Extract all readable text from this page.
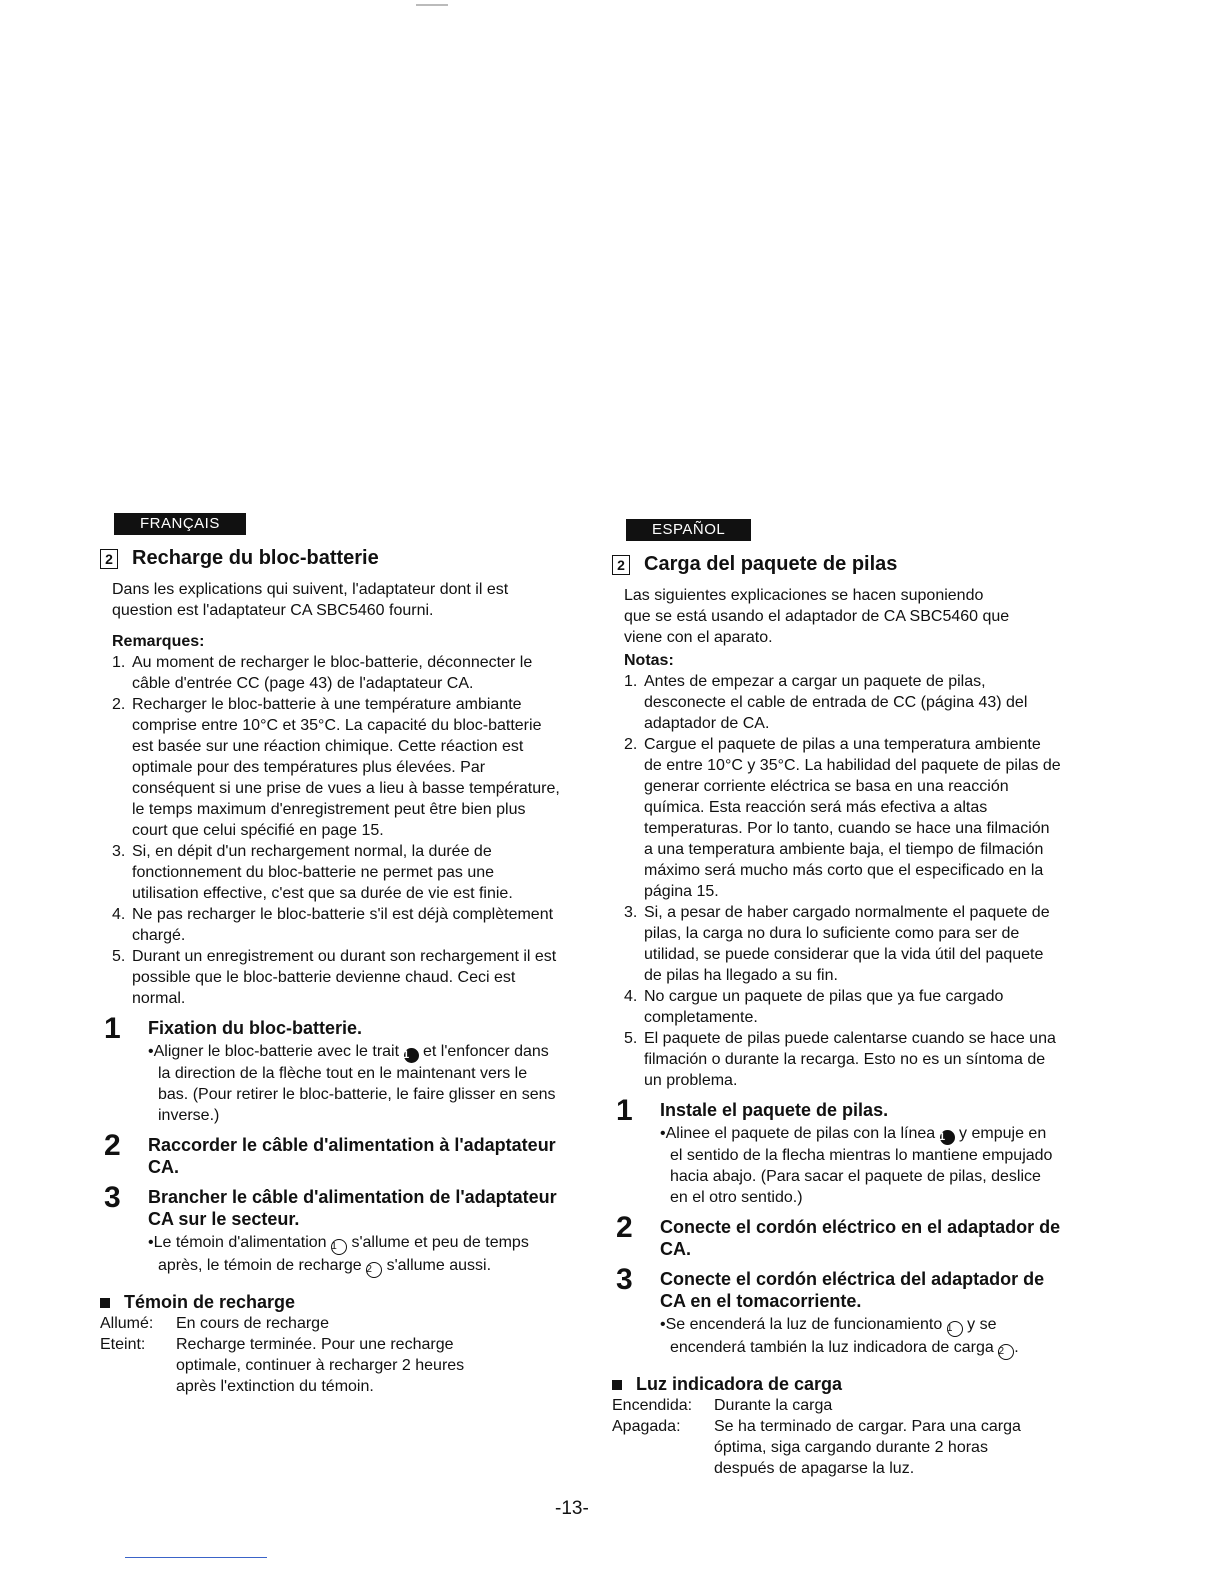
FRANÇAIS
2 Recharge du bloc-batterie
Dans les explications qui suivent, l'adaptateur dont il est question est l'adaptateur CA SBC5460 fourni.
Remarques:
1. Au moment de recharger le bloc-batterie, déconnecter le câble d'entrée CC (page 43) de l'adaptateur CA.
2. Recharger le bloc-batterie à une température ambiante comprise entre 10°C et 35°C. La capacité du bloc-batterie est basée sur une réaction chimique. Cette réaction est optimale pour des températures plus élevées. Par conséquent si une prise de vues a lieu à basse température, le temps maximum d'enregistrement peut être bien plus court que celui spécifié en page 15.
3. Si, en dépit d'un rechargement normal, la durée de fonctionnement du bloc-batterie ne permet pas une utilisation effective, c'est que sa durée de vie est finie.
4. Ne pas recharger le bloc-batterie s'il est déjà complètement chargé.
5. Durant un enregistrement ou durant son rechargement il est possible que le bloc-batterie devienne chaud. Ceci est normal.
1	Fixation du bloc-batterie.
•Aligner le bloc-batterie avec le trait 1 et l'enfoncer dans la direction de la flèche tout en le maintenant vers le bas. (Pour retirer le bloc-batterie, le faire glisser en sens inverse.)
2	Raccorder le câble d'alimentation à l'adaptateur CA.
3	Brancher le câble d'alimentation de l'adaptateur CA sur le secteur.
•Le témoin d'alimentation 1 s'allume et peu de temps après, le témoin de recharge 2 s'allume aussi.
Témoin de recharge
Allumé:	En cours de recharge
Eteint:	Recharge terminée. Pour une recharge optimale, continuer à recharger 2 heures après l'extinction du témoin.
ESPAÑOL
2 Carga del paquete de pilas
Las siguientes explicaciones se hacen suponiendo que se está usando el adaptador de CA SBC5460 que viene con el aparato.
Notas:
1. Antes de empezar a cargar un paquete de pilas, desconecte el cable de entrada de CC (página 43) del adaptador de CA.
2. Cargue el paquete de pilas a una temperatura ambiente de entre 10°C y 35°C. La habilidad del paquete de pilas de generar corriente eléctrica se basa en una reacción química. Esta reacción será más efectiva a altas temperaturas. Por lo tanto, cuando se hace una filmación a una temperatura ambiente baja, el tiempo de filmación máximo será mucho más corto que el especificado en la página 15.
3. Si, a pesar de haber cargado normalmente el paquete de pilas, la carga no dura lo suficiente como para ser de utilidad, se puede considerar que la vida útil del paquete de pilas ha llegado a su fin.
4. No cargue un paquete de pilas que ya fue cargado completamente.
5. El paquete de pilas puede calentarse cuando se hace una filmación o durante la recarga. Esto no es un síntoma de un problema.
1	Instale el paquete de pilas.
•Alinee el paquete de pilas con la línea 1 y empuje en el sentido de la flecha mientras lo mantiene empujado hacia abajo. (Para sacar el paquete de pilas, deslice en el otro sentido.)
2	Conecte el cordón eléctrico en el adaptador de CA.
3	Conecte el cordón eléctrica del adaptador de CA en el tomacorriente.
•Se encenderá la luz de funcionamiento 1 y se encenderá también la luz indicadora de carga 2 .
Luz indicadora de carga
Encendida:	Durante la carga
Apagada:	Se ha terminado de cargar. Para una carga óptima, siga cargando durante 2 horas después de apagarse la luz.
-13-
